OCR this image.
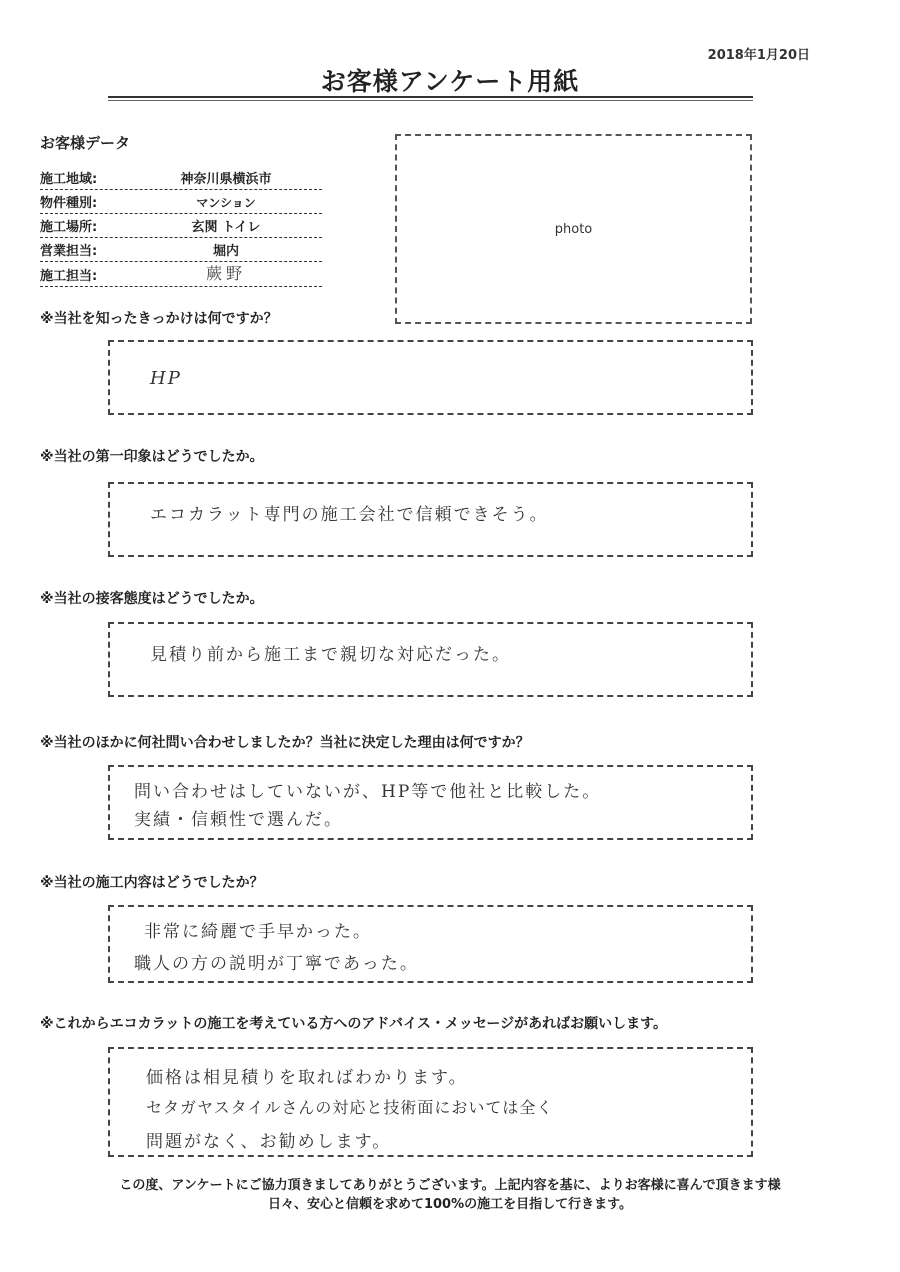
2018年1月20日
お客様アンケート用紙
お客様データ
施工地域:	神奈川県横浜市
物件種別:	マンション
施工場所:	玄関 トイレ
営業担当:	堀内
施工担当:	蕨野
photo
※当社を知ったきっかけは何ですか？
HP
※当社の第一印象はどうでしたか。
エコカラット専門の施工会社で信頼できそう。
※当社の接客態度はどうでしたか。
見積り前から施工まで親切な対応だった。
※当社のほかに何社問い合わせしましたか？当社に決定した理由は何ですか？
問い合わせはしていないが、HP等で他社と比較した。
実績・信頼性で選んだ。
※当社の施工内容はどうでしたか？
非常に綺麗で手早かった。
職人の方の説明が丁寧であった。
※これからエコカラットの施工を考えている方へのアドバイス・メッセージがあればお願いします。
価格は相見積りを取ればわかります。
セタガヤスタイルさんの対応と技術面においては全く
問題がなく、お勧めします。
この度、アンケートにご協力頂きましてありがとうございます。上記内容を基に、よりお客様に喜んで頂きます様
日々、安心と信頼を求めて100%の施工を目指して行きます。
